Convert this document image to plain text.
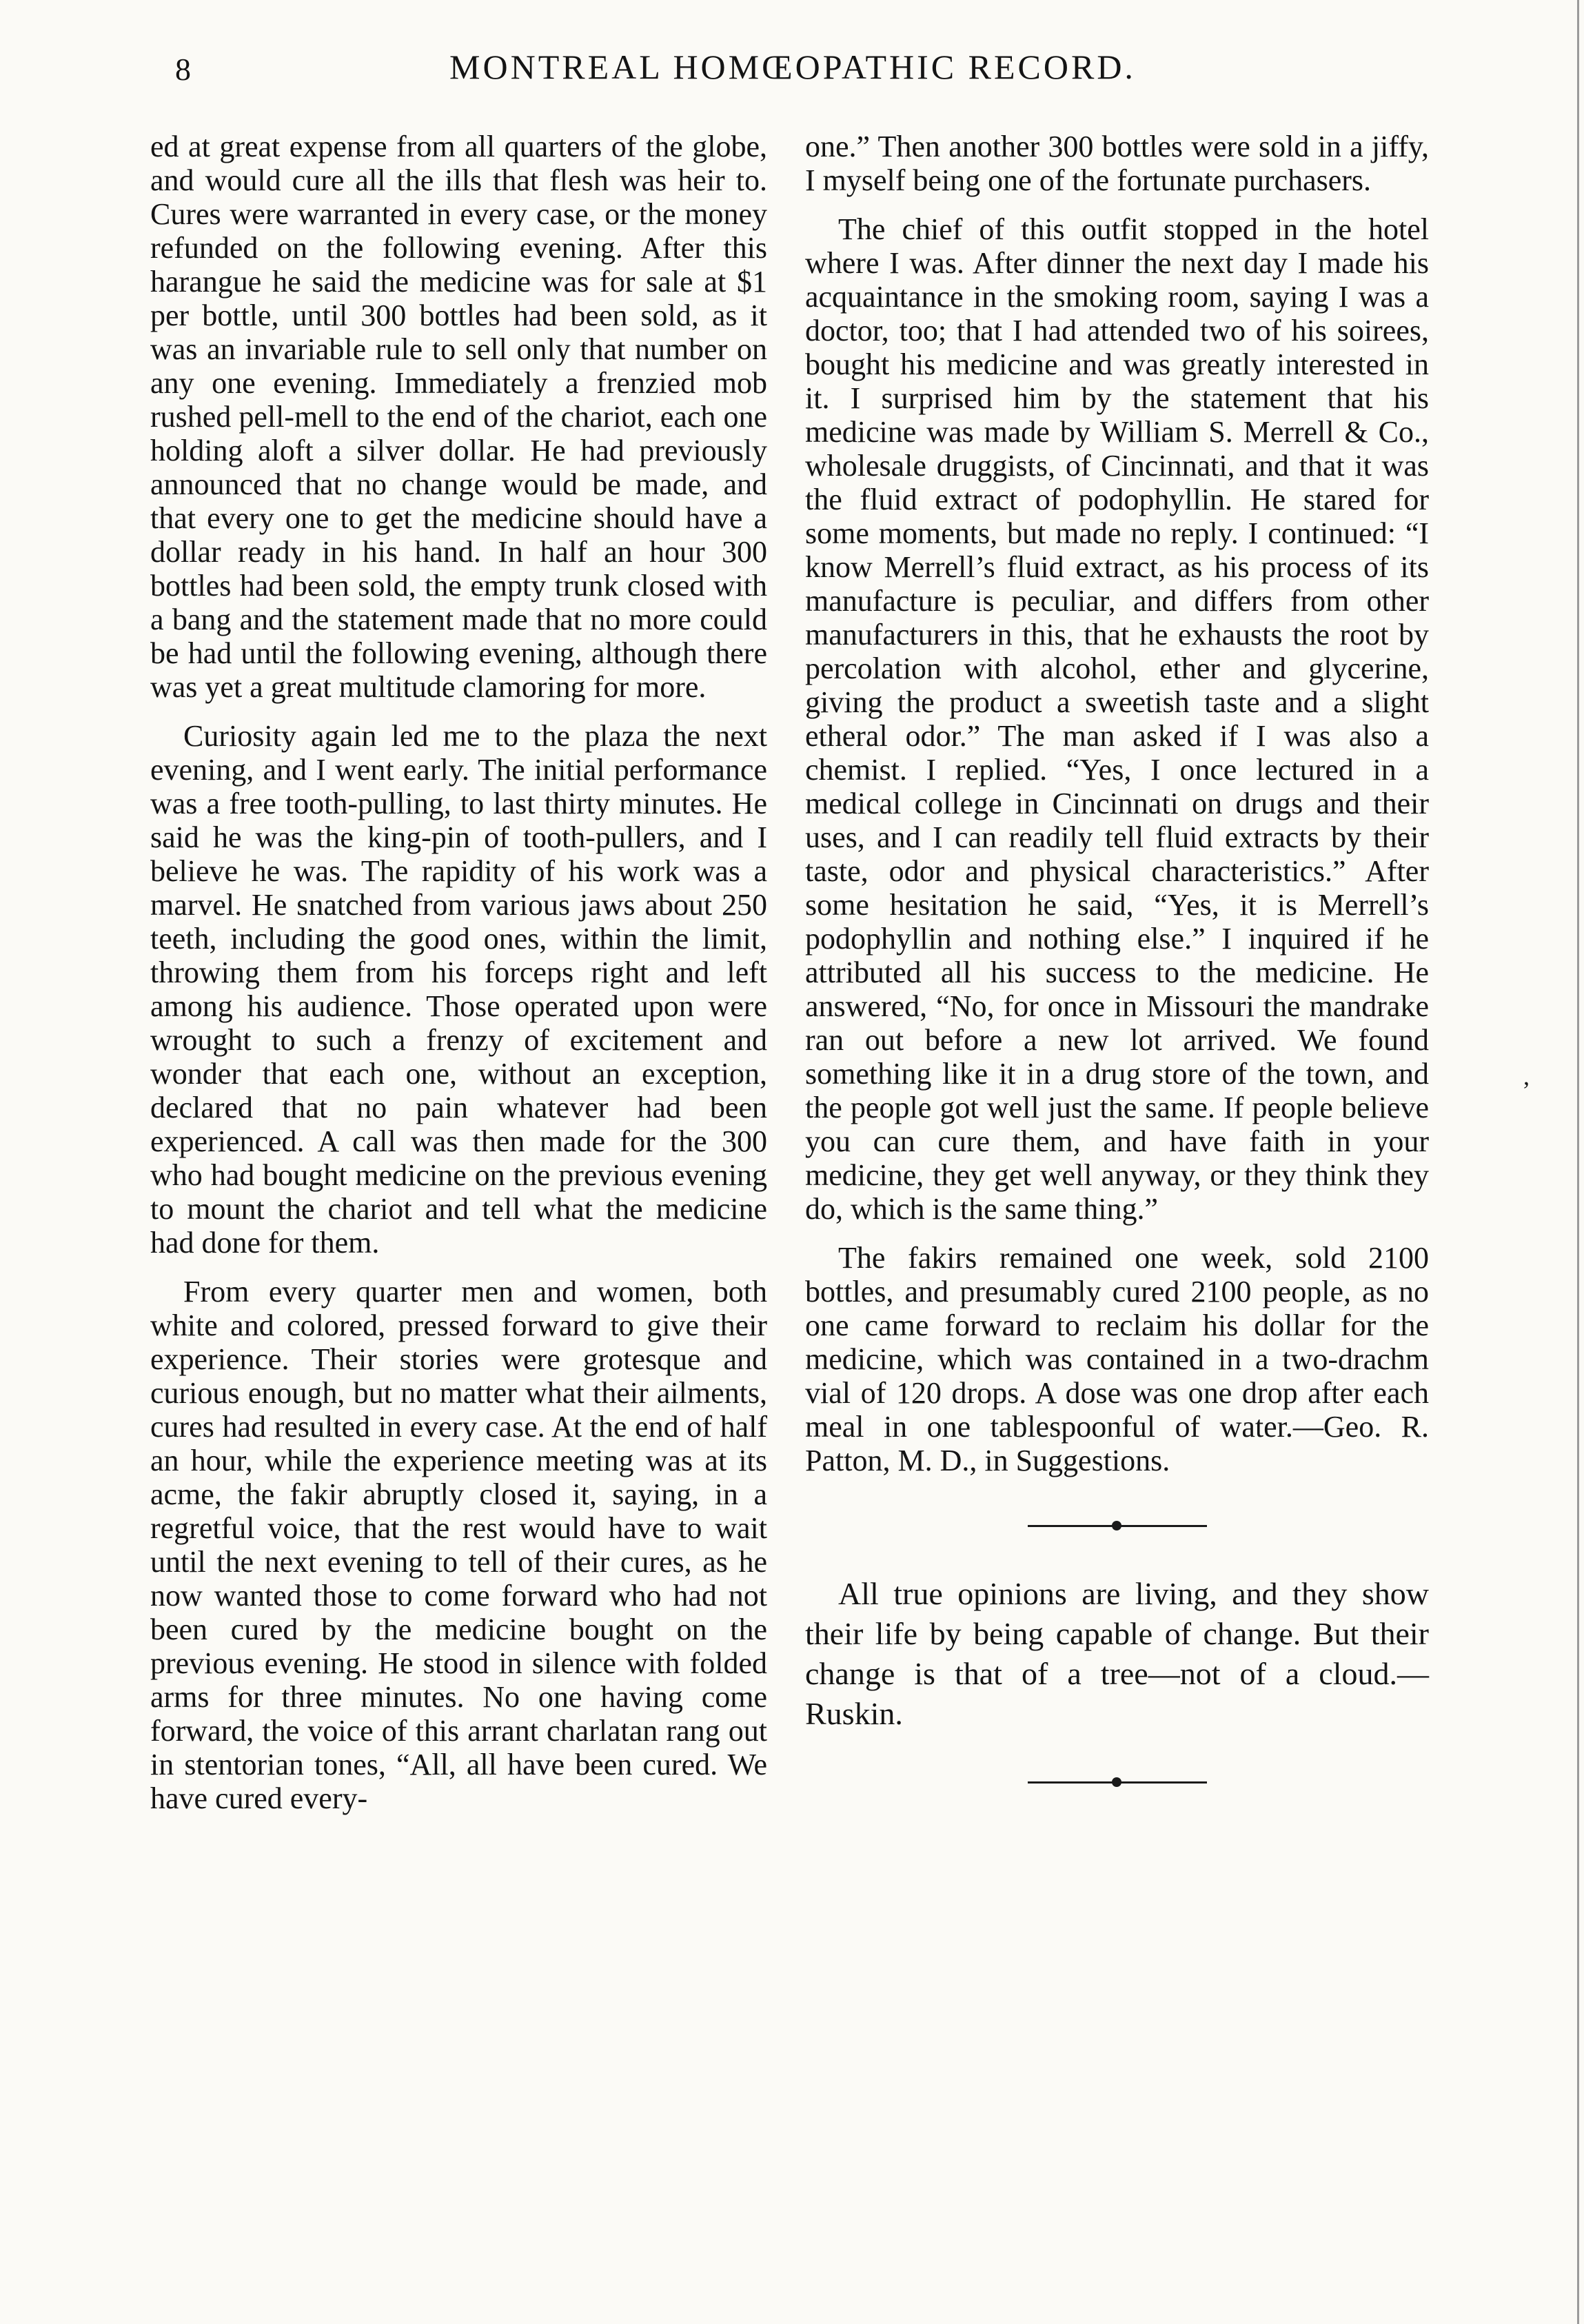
8	MONTREAL HOMŒOPATHIC RECORD.

ed at great expense from all quarters of the globe, and would cure all the ills that flesh was heir to. Cures were warranted in every case, or the money refunded on the following evening. After this harangue he said the medicine was for sale at $1 per bottle, until 300 bottles had been sold, as it was an invariable rule to sell only that number on any one evening. Immediately a frenzied mob rushed pell-mell to the end of the chariot, each one holding aloft a silver dollar. He had previously announced that no change would be made, and that every one to get the medicine should have a dollar ready in his hand. In half an hour 300 bottles had been sold, the empty trunk closed with a bang and the statement made that no more could be had until the following evening, although there was yet a great multitude clamoring for more.

Curiosity again led me to the plaza the next evening, and I went early. The initial performance was a free tooth-pulling, to last thirty minutes. He said he was the king-pin of tooth-pullers, and I believe he was. The rapidity of his work was a marvel. He snatched from various jaws about 250 teeth, including the good ones, within the limit, throwing them from his forceps right and left among his audience. Those operated upon were wrought to such a frenzy of excitement and wonder that each one, without an exception, declared that no pain whatever had been experienced. A call was then made for the 300 who had bought medicine on the previous evening to mount the chariot and tell what the medicine had done for them.

From every quarter men and women, both white and colored, pressed forward to give their experience. Their stories were grotesque and curious enough, but no matter what their ailments, cures had resulted in every case. At the end of half an hour, while the experience meeting was at its acme, the fakir abruptly closed it, saying, in a regretful voice, that the rest would have to wait until the next evening to tell of their cures, as he now wanted those to come forward who had not been cured by the medicine bought on the previous evening. He stood in silence with folded arms for three minutes. No one having come forward, the voice of this arrant charlatan rang out in stentorian tones, “All, all have been cured. We have cured every-

one.” Then another 300 bottles were sold in a jiffy, I myself being one of the fortunate purchasers.

The chief of this outfit stopped in the hotel where I was. After dinner the next day I made his acquaintance in the smoking room, saying I was a doctor, too; that I had attended two of his soirees, bought his medicine and was greatly interested in it. I surprised him by the statement that his medicine was made by William S. Merrell & Co., wholesale druggists, of Cincinnati, and that it was the fluid extract of podophyllin. He stared for some moments, but made no reply. I continued: “I know Merrell’s fluid extract, as his process of its manufacture is peculiar, and differs from other manufacturers in this, that he exhausts the root by percolation with alcohol, ether and glycerine, giving the product a sweetish taste and a slight etheral odor.” The man asked if I was also a chemist. I replied. “Yes, I once lectured in a medical college in Cincinnati on drugs and their uses, and I can readily tell fluid extracts by their taste, odor and physical characteristics.” After some hesitation he said, “Yes, it is Merrell’s podophyllin and nothing else.” I inquired if he attributed all his success to the medicine. He answered, “No, for once in Missouri the mandrake ran out before a new lot arrived. We found something like it in a drug store of the town, and the people got well just the same. If people believe you can cure them, and have faith in your medicine, they get well anyway, or they think they do, which is the same thing.”

The fakirs remained one week, sold 2100 bottles, and presumably cured 2100 people, as no one came forward to reclaim his dollar for the medicine, which was contained in a two-drachm vial of 120 drops. A dose was one drop after each meal in one tablespoonful of water.—Geo. R. Patton, M. D., in Suggestions.

All true opinions are living, and they show their life by being capable of change. But their change is that of a tree—not of a cloud.—Ruskin.

,
